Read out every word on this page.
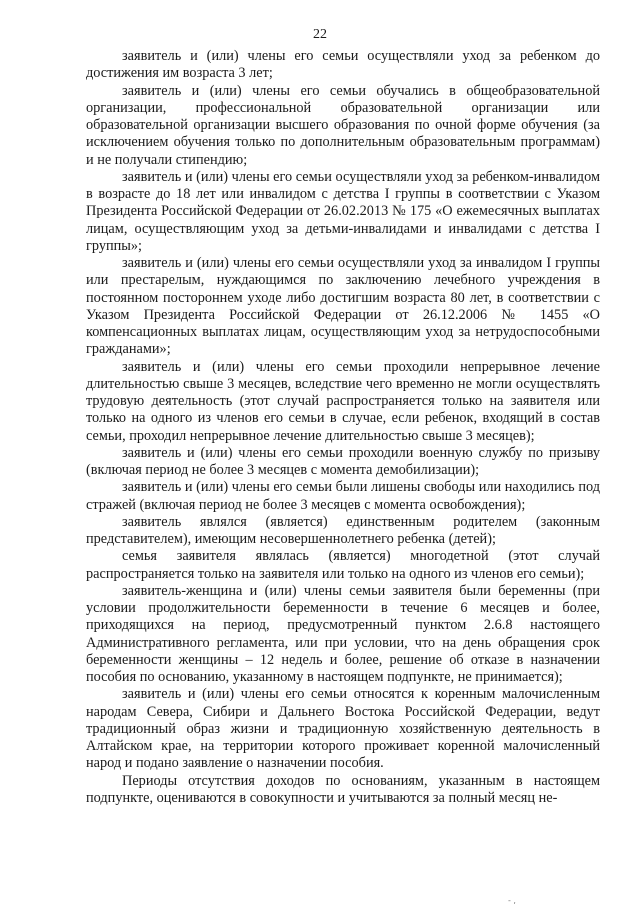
22

заявитель и (или) члены его семьи осуществляли уход за ребенком до достижения им возраста 3 лет;

заявитель и (или) члены его семьи обучались в общеобразовательной организации, профессиональной образовательной организации или образовательной организации высшего образования по очной форме обучения (за исключением обучения только по дополнительным образовательным программам) и не получали стипендию;

заявитель и (или) члены его семьи осуществляли уход за ребенком-инвалидом в возрасте до 18 лет или инвалидом с детства I группы в соответствии с Указом Президента Российской Федерации от 26.02.2013 № 175 «О ежемесячных выплатах лицам, осуществляющим уход за детьми-инвалидами и инвалидами с детства I группы»;

заявитель и (или) члены его семьи осуществляли уход за инвалидом I группы или престарелым, нуждающимся по заключению лечебного учреждения в постоянном постороннем уходе либо достигшим возраста 80 лет, в соответствии с Указом Президента Российской Федерации от 26.12.2006 № 1455 «О компенсационных выплатах лицам, осуществляющим уход за нетрудоспособными гражданами»;

заявитель и (или) члены его семьи проходили непрерывное лечение длительностью свыше 3 месяцев, вследствие чего временно не могли осуществлять трудовую деятельность (этот случай распространяется только на заявителя или только на одного из членов его семьи в случае, если ребенок, входящий в состав семьи, проходил непрерывное лечение длительностью свыше 3 месяцев);

заявитель и (или) члены его семьи проходили военную службу по призыву (включая период не более 3 месяцев с момента демобилизации);

заявитель и (или) члены его семьи были лишены свободы или находились под стражей (включая период не более 3 месяцев с момента освобождения);

заявитель являлся (является) единственным родителем (законным представителем), имеющим несовершеннолетнего ребенка (детей);

семья заявителя являлась (является) многодетной (этот случай распространяется только на заявителя или только на одного из членов его семьи);

заявитель-женщина и (или) члены семьи заявителя были беременны (при условии продолжительности беременности в течение 6 месяцев и более, приходящихся на период, предусмотренный пунктом 2.6.8 настоящего Административного регламента, или при условии, что на день обращения срок беременности женщины – 12 недель и более, решение об отказе в назначении пособия по основанию, указанному в настоящем подпункте, не принимается);

заявитель и (или) члены его семьи относятся к коренным малочисленным народам Севера, Сибири и Дальнего Востока Российской Федерации, ведут традиционный образ жизни и традиционную хозяйственную деятельность в Алтайском крае, на территории которого проживает коренной малочисленный народ и подано заявление о назначении пособия.

Периоды отсутствия доходов по основаниям, указанным в настоящем подпункте, оцениваются в совокупности и учитываются за полный месяц не-

- ,
